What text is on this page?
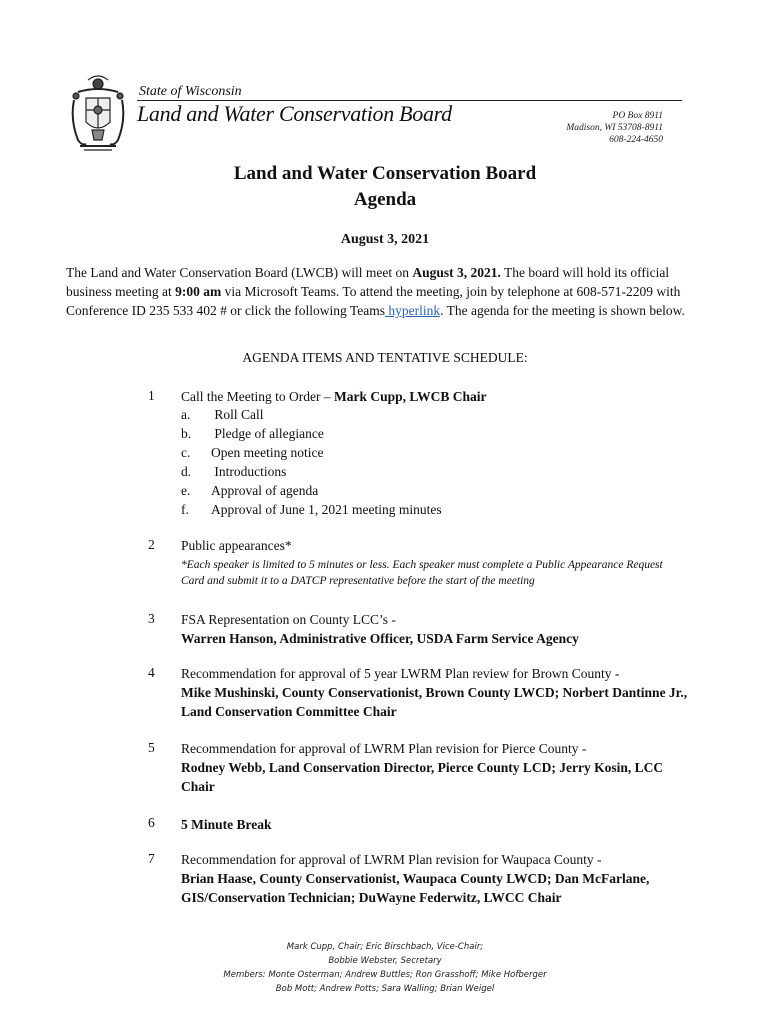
State of Wisconsin
Land and Water Conservation Board	PO Box 8911
Madison, WI 53708-8911
608-224-4650
Land and Water Conservation Board
Agenda
August 3, 2021
The Land and Water Conservation Board (LWCB) will meet on August 3, 2021. The board will hold its official business meeting at 9:00 am via Microsoft Teams. To attend the meeting, join by telephone at 608-571-2209 with Conference ID 235 533 402 # or click the following Teams hyperlink. The agenda for the meeting is shown below.
AGENDA ITEMS AND TENTATIVE SCHEDULE:
1 Call the Meeting to Order – Mark Cupp, LWCB Chair
a. Roll Call
b. Pledge of allegiance
c. Open meeting notice
d. Introductions
e. Approval of agenda
f. Approval of June 1, 2021 meeting minutes
2 Public appearances*
*Each speaker is limited to 5 minutes or less. Each speaker must complete a Public Appearance Request Card and submit it to a DATCP representative before the start of the meeting
3 FSA Representation on County LCC’s -
Warren Hanson, Administrative Officer, USDA Farm Service Agency
4 Recommendation for approval of 5 year LWRM Plan review for Brown County -
Mike Mushinski, County Conservationist, Brown County LWCD; Norbert Dantinne Jr., Land Conservation Committee Chair
5 Recommendation for approval of LWRM Plan revision for Pierce County -
Rodney Webb, Land Conservation Director, Pierce County LCD; Jerry Kosin, LCC Chair
6 5 Minute Break
7 Recommendation for approval of LWRM Plan revision for Waupaca County -
Brian Haase, County Conservationist, Waupaca County LWCD; Dan McFarlane, GIS/Conservation Technician; DuWayne Federwitz, LWCC Chair
Mark Cupp, Chair; Eric Birschbach, Vice-Chair;
Bobbie Webster, Secretary
Members: Monte Osterman; Andrew Buttles; Ron Grasshoff; Mike Hofberger
Bob Mott; Andrew Potts; Sara Walling; Brian Weigel
